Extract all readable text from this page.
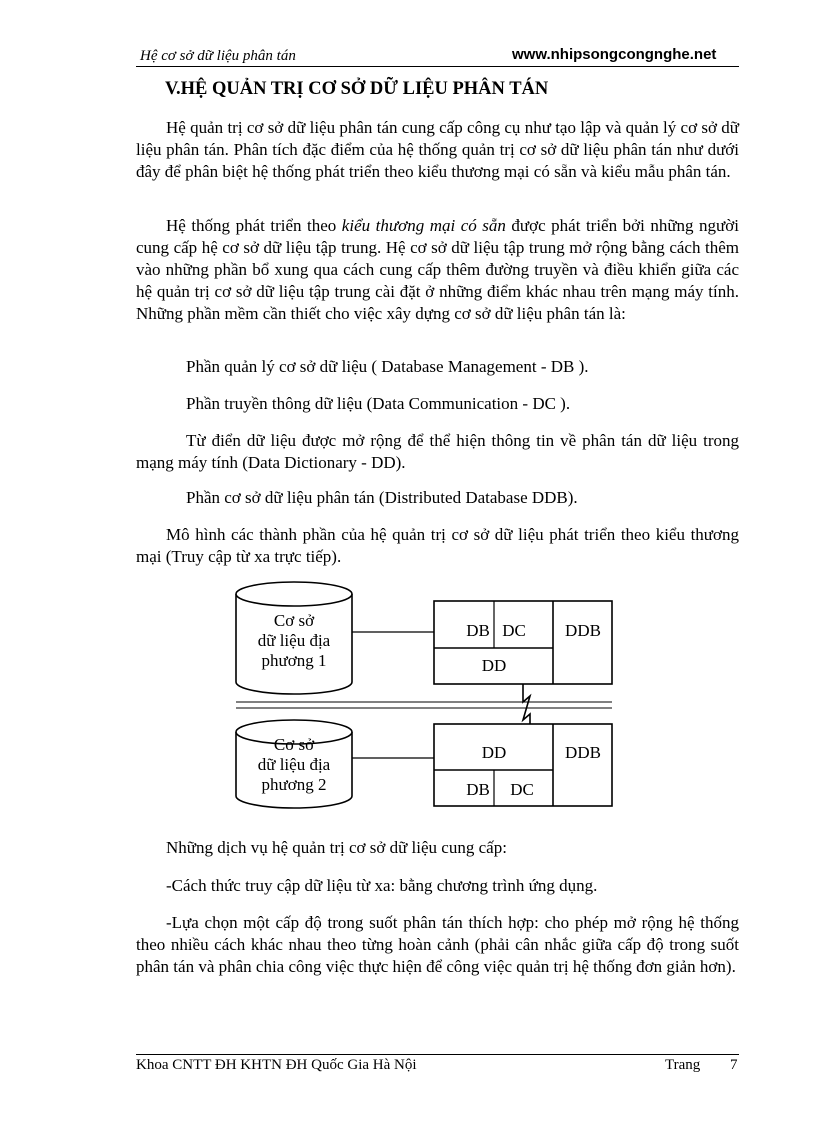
Hệ cơ sở dữ liệu phân tán	www.nhipsongcongnghe.net
V.HỆ QUẢN TRỊ CƠ SỞ DỮ LIỆU PHÂN TÁN

Hệ quản trị cơ sở dữ liệu phân tán cung cấp công cụ như tạo lập và quản lý cơ sở dữ liệu phân tán. Phân tích đặc điểm của hệ thống quản trị cơ sở dữ liệu phân tán như dưới đây để phân biệt hệ thống phát triển theo kiểu thương mại có sẵn và kiểu mẫu phân tán.

Hệ thống phát triển theo kiểu thương mại có sẵn được phát triển bởi những người cung cấp hệ cơ sở dữ liệu tập trung. Hệ cơ sở dữ liệu tập trung mở rộng bằng cách thêm vào những phần bổ xung qua cách cung cấp thêm đường truyền và điều khiển giữa các hệ quản trị cơ sở dữ liệu tập trung cài đặt ở những điểm khác nhau trên mạng máy tính. Những phần mềm cần thiết cho việc xây dựng cơ sở dữ liệu phân tán là:

Phần quản lý cơ sở dữ liệu ( Database Management - DB ).
Phần truyền thông dữ liệu (Data Communication - DC ).

Từ điển dữ liệu được mở rộng để thể hiện thông tin về phân tán dữ liệu trong mạng máy tính (Data Dictionary - DD).

Phần cơ sở dữ liệu phân tán (Distributed Database DDB).

Mô hình các thành phần của hệ quản trị cơ sở dữ liệu phát triển theo kiểu thương mại (Truy cập từ xa trực tiếp).

Cơ sở
dữ liệu địa
phương 1
DB DC DDB
DD
Cơ sở
dữ liệu địa
phương 2
DD	DDB
DB DC
Những dịch vụ hệ quản trị cơ sở dữ liệu cung cấp:
-Cách thức truy cập dữ liệu từ xa: bằng chương trình ứng dụng.

-Lựa chọn một cấp độ trong suốt phân tán thích hợp: cho phép mở rộng hệ thống theo nhiều cách khác nhau theo từng hoàn cảnh (phải cân nhắc giữa cấp độ trong suốt phân tán và phân chia công việc thực hiện để công việc quản trị hệ thống đơn giản hơn).

Khoa CNTT ĐH KHTN ĐH Quốc Gia Hà Nội	Trang 7
